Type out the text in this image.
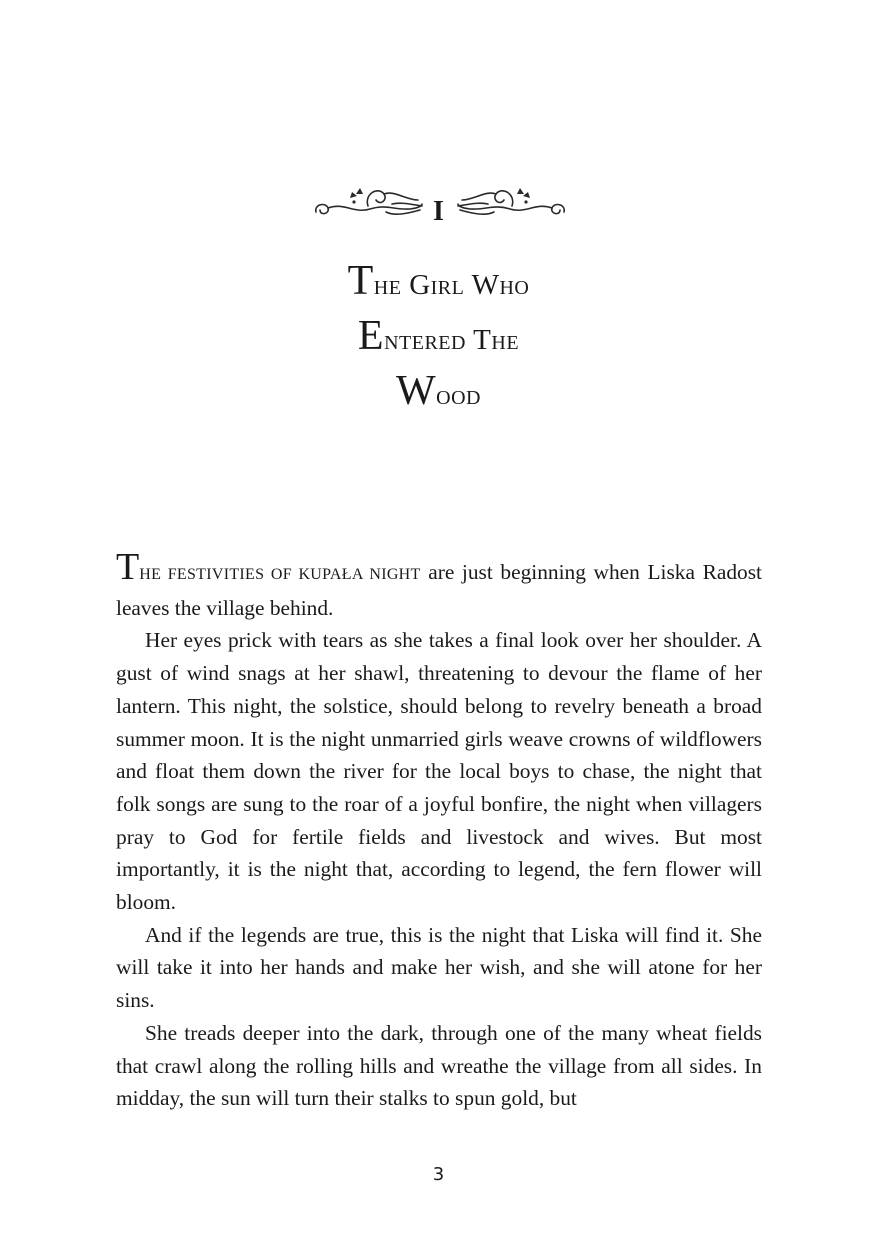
I
The Girl Who
Entered The
Wood

THE FESTIVITIES OF KUPAŁA NIGHT are just beginning when Liska Radost leaves the village behind.

Her eyes prick with tears as she takes a final look over her shoulder. A gust of wind snags at her shawl, threatening to devour the flame of her lantern. This night, the solstice, should belong to revelry beneath a broad summer moon. It is the night unmarried girls weave crowns of wildflowers and float them down the river for the local boys to chase, the night that folk songs are sung to the roar of a joyful bonfire, the night when villagers pray to God for fertile fields and livestock and wives. But most importantly, it is the night that, according to legend, the fern flower will bloom.

And if the legends are true, this is the night that Liska will find it. She will take it into her hands and make her wish, and she will atone for her sins.

She treads deeper into the dark, through one of the many wheat fields that crawl along the rolling hills and wreathe the village from all sides. In midday, the sun will turn their stalks to spun gold, but

3
